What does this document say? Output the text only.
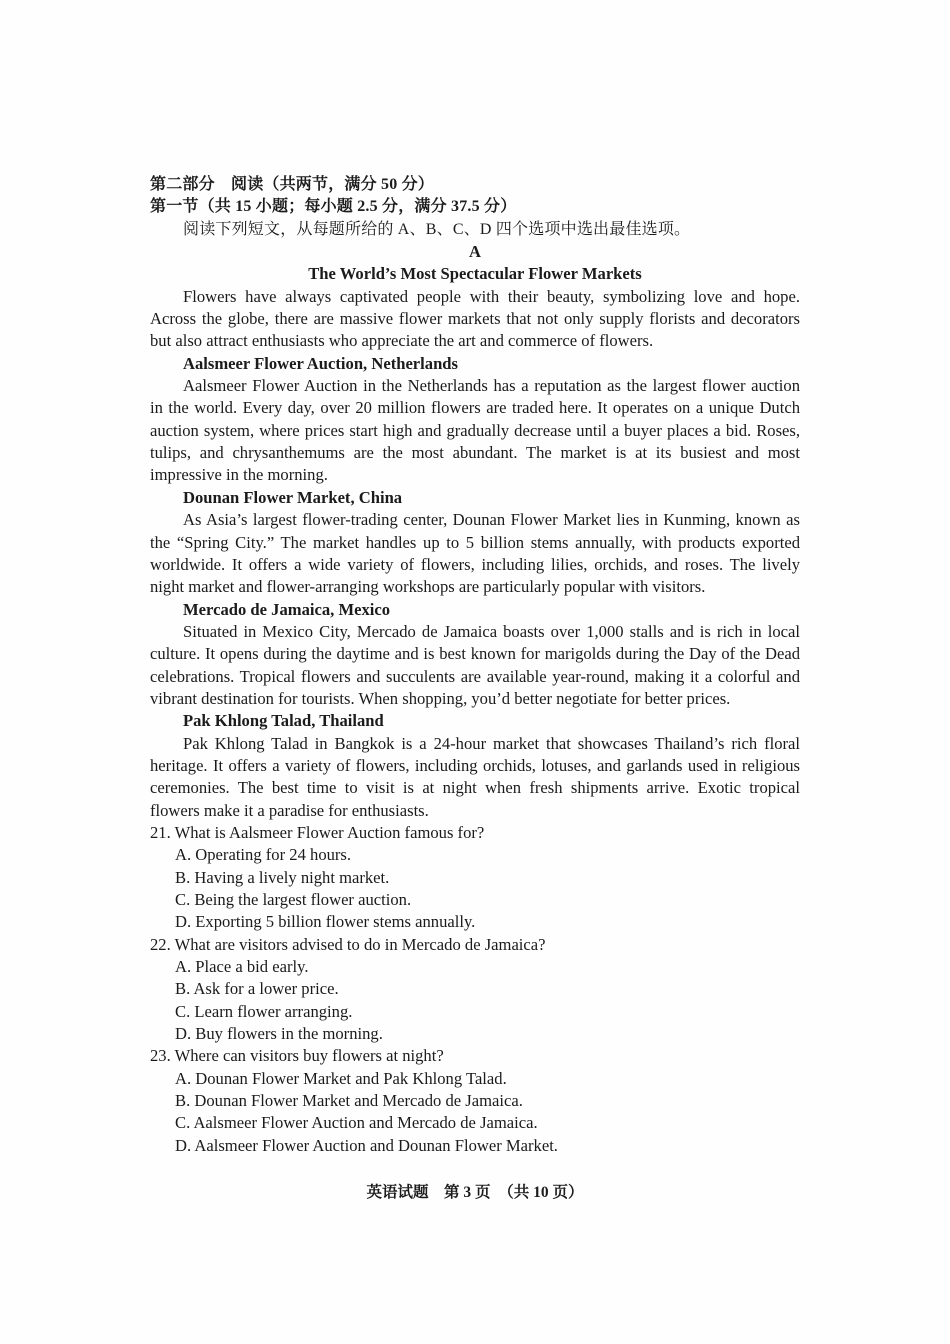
第二部分　阅读（共两节，满分 50 分）
第一节（共 15 小题；每小题 2.5 分，满分 37.5 分）
阅读下列短文，从每题所给的 A、B、C、D 四个选项中选出最佳选项。
A
The World’s Most Spectacular Flower Markets
Flowers have always captivated people with their beauty, symbolizing love and hope.
Across the globe, there are massive flower markets that not only supply florists and decorators
but also attract enthusiasts who appreciate the art and commerce of flowers.
Aalsmeer Flower Auction, Netherlands
Aalsmeer Flower Auction in the Netherlands has a reputation as the largest flower auction
in the world. Every day, over 20 million flowers are traded here. It operates on a unique Dutch
auction system, where prices start high and gradually decrease until a buyer places a bid. Roses,
tulips, and chrysanthemums are the most abundant. The market is at its busiest and most
impressive in the morning.
Dounan Flower Market, China
As Asia’s largest flower-trading center, Dounan Flower Market lies in Kunming, known as
the “Spring City.” The market handles up to 5 billion stems annually, with products exported
worldwide. It offers a wide variety of flowers, including lilies, orchids, and roses. The lively
night market and flower-arranging workshops are particularly popular with visitors.
Mercado de Jamaica, Mexico
Situated in Mexico City, Mercado de Jamaica boasts over 1,000 stalls and is rich in local
culture. It opens during the daytime and is best known for marigolds during the Day of the Dead
celebrations. Tropical flowers and succulents are available year-round, making it a colorful and
vibrant destination for tourists. When shopping, you’d better negotiate for better prices.
Pak Khlong Talad, Thailand
Pak Khlong Talad in Bangkok is a 24-hour market that showcases Thailand’s rich floral
heritage. It offers a variety of flowers, including orchids, lotuses, and garlands used in religious
ceremonies. The best time to visit is at night when fresh shipments arrive. Exotic tropical
flowers make it a paradise for enthusiasts.
21. What is Aalsmeer Flower Auction famous for?
A. Operating for 24 hours.
B. Having a lively night market.
C. Being the largest flower auction.
D. Exporting 5 billion flower stems annually.
22. What are visitors advised to do in Mercado de Jamaica?
A. Place a bid early.
B. Ask for a lower price.
C. Learn flower arranging.
D. Buy flowers in the morning.
23. Where can visitors buy flowers at night?
A. Dounan Flower Market and Pak Khlong Talad.
B. Dounan Flower Market and Mercado de Jamaica.
C. Aalsmeer Flower Auction and Mercado de Jamaica.
D. Aalsmeer Flower Auction and Dounan Flower Market.
英语试题　第 3 页　（共 10 页）
